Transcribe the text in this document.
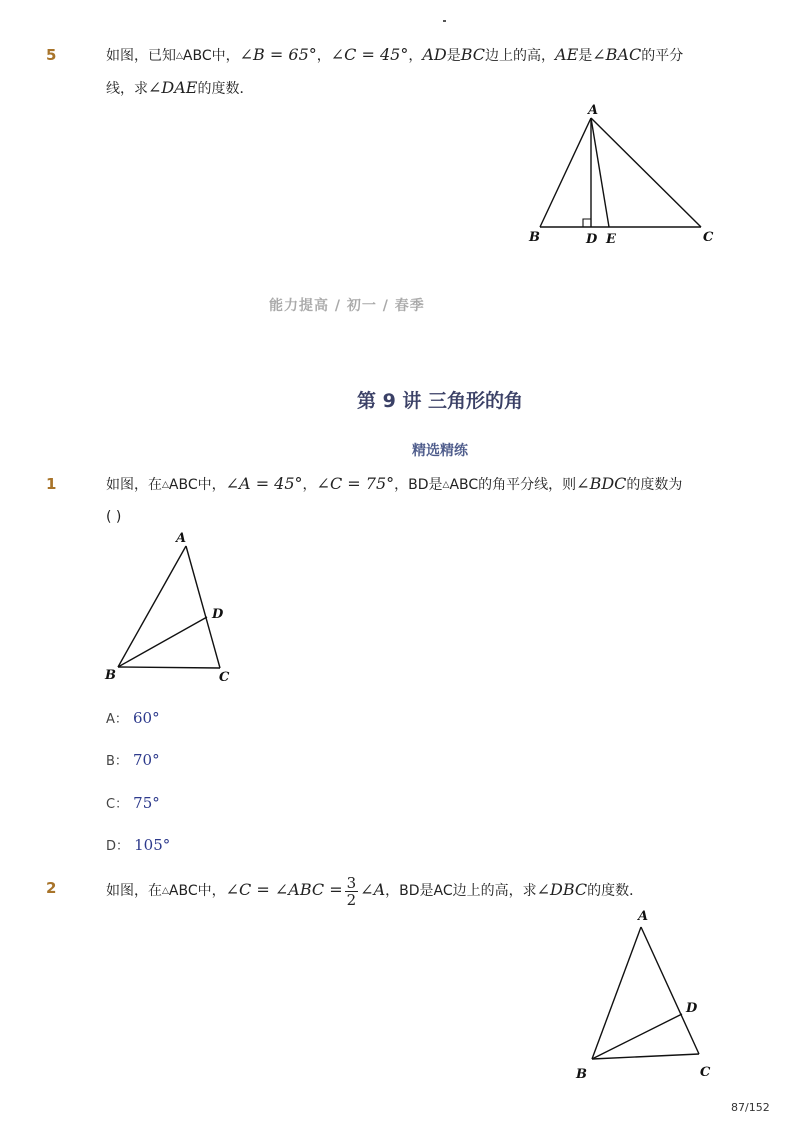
5	如图，已知△ABC中，∠B = 65°，∠C = 45°，AD是BC边上的高，AE是∠BAC的平分
线，求∠DAE的度数．
A
B	D E	C
能力提高 / 初一 / 春季
第 9 讲 三角形的角
精选精练
1	如图，在△ABC中，∠A = 45°，∠C = 75°，BD是△ABC的角平分线，则∠BDC的度数为
( )
A
D
B	C
A： 60°
B： 70°
C： 75°
D： 105°
2	如图，在△ABC中，∠C = ∠ABC = $\frac{3}{2}$ ∠A，BD是AC边上的高，求∠DBC的度数．
A
D
B	C
87/152
